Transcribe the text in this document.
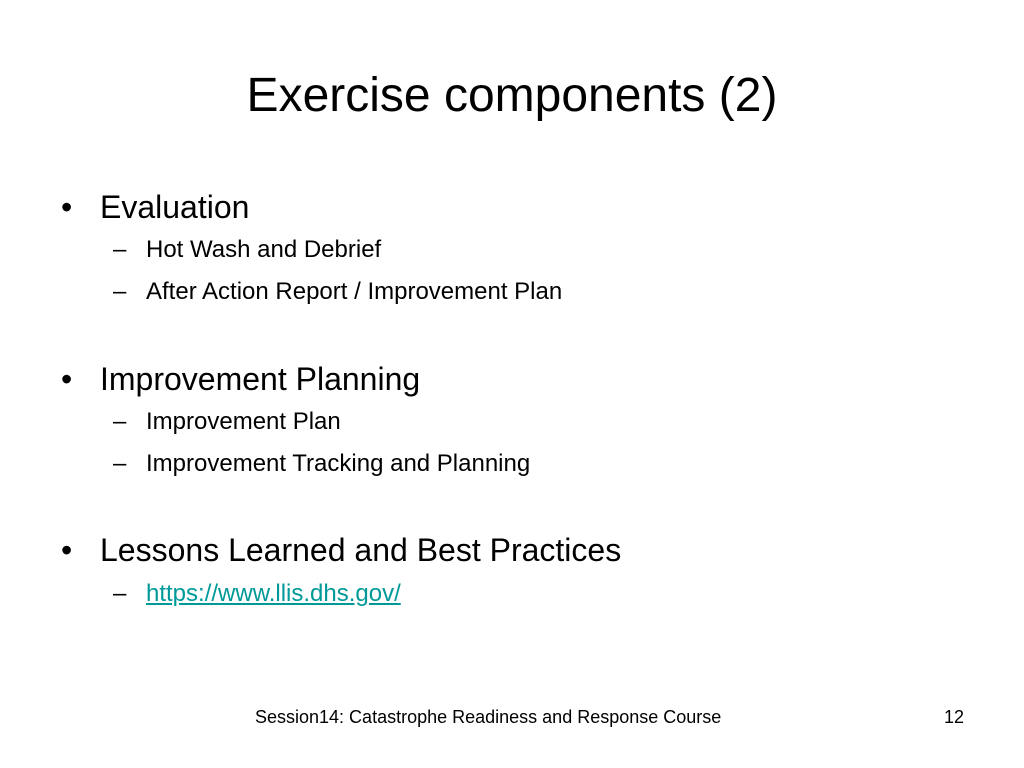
Exercise components (2)
• Evaluation
– Hot Wash and Debrief
– After Action Report / Improvement Plan
• Improvement Planning
– Improvement Plan
– Improvement Tracking and Planning
• Lessons Learned and Best Practices
– https://www.llis.dhs.gov/
Session14: Catastrophe Readiness and Response Course	12
